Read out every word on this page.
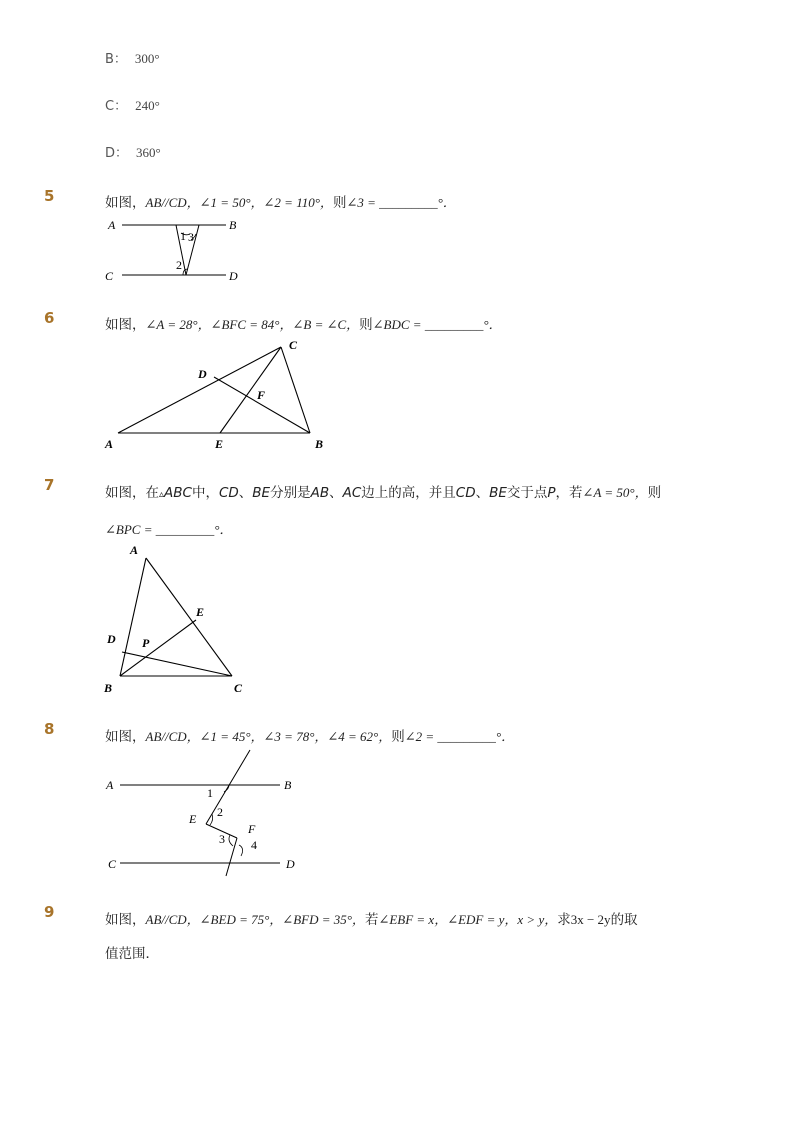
B： 300°
C： 240°
D： 360°
5	如图，AB//CD，∠1 = 50°，∠2 = 110°，则∠3 = _________°．
A	B
C	D
1 3
2
6	如图，∠A = 28°，∠BFC = 84°，∠B = ∠C，则∠BDC = _________°．
C
D
F
A	E	B
7	如图，在▵ABC中，CD、BE分别是AB、AC边上的高，并且CD、BE交于点P，若∠A = 50°，则
∠BPC = _________°．
A
E
D P
B	C
8	如图，AB//CD，∠1 = 45°，∠3 = 78°，∠4 = 62°，则∠2 = _________°．
A	B
1
2
E
F
3 4
C	D
9	如图，AB//CD，∠BED = 75°，∠BFD = 35°，若∠EBF = x，∠EDF = y，x > y，求3x − 2y的取
值范围．
